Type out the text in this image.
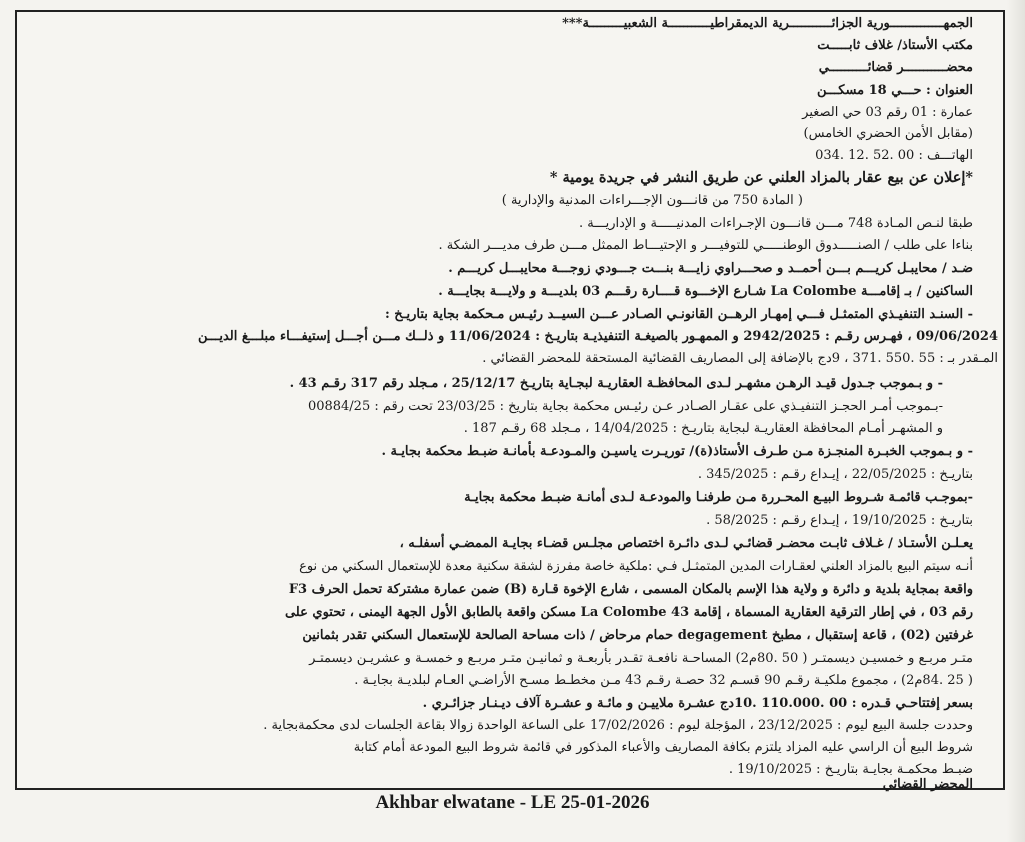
الجمهــــــــــــــورية الجزائـــــــــــرية الديمقراطيـــــــــــة الشعبيـــــــــة***
مكتب الأستاذ/ غلاف ثابـــــت
محضـــــــــــر قضائــــــــــي
العنوان : حـــي 18 مسكـــن
عمارة : 01 رقم 03 حي الصغير
(مقابل الأمن الحضري الخامس)
الهاتـــف : 00 .52 .12 .034
*إعلان عن بيع عقار بالمزاد العلني عن طريق النشر في جريدة يومية *
( المادة 750 من قانـــون الإجـــراءات المدنية والإدارية )
طبقا لنـص المـادة 748 مـــن قانـــون الإجـراءات المدنيـــــة و الإداريـــة .
بناءا على طلب / الصنـــــدوق الوطنـــــي للتوفيـــر و الإحتيـــاط الممثل مـــن طرف مديـــر الشكة .
ضـد / محايبـل كريـــم بـــن أحمــد و صحـــراوي زايـــة بنـــت جـــودي زوجـــة محايبـــل كريـــم .
الساكنين / بـ إقامـــة La Colombe شـارع الإخـــوة قــــارة رقـــم 03 بلديـــة و ولايـــة بجايـــة .
- السنـد التنفيـذي المتمثـل فـــي إمهـار الرهــن القانونـي الصـادر عـــن السيــد رئيـس مـحكمة بجاية بتاريـخ :
09/06/2024 ، فهـرس رقـم : 2942/2025 و الممهـور بالصيغـة التنفيذيـة بتاريـخ : 11/06/2024 و ذلــك مـــن أجـــل إستيفـــاء مبلـــغ الديـــن
المـقدر بـ : 55 .550 .371 ، 9دج بالإضافة إلى المصاريف القضائية المستحقة للمحضر القضائي .
- و بـموجب جـدول قيـد الرهـن مشهـر لـدى المحافظـة العقاريـة لبجـاية بتاريـخ 25/12/17 ، مـجلد رقم 317 رقـم 43 .
-بـموجب أمـر الحجـز التنفيـذي على عقـار الصـادر عـن رئيـس محكمة بجاية بتاريخ : 23/03/25 تحت رقم : 00884/25
و المشهـر أمـام المحافظة العقاريـة لبجاية بتاريـخ : 14/04/2025 ، مـجلد 68 رقـم 187 .
- و بـموجب الخبـرة المنجـزة مـن طـرف الأستاذ(ة)/ توريـرت ياسيـن والمـودعـة بأمانـة ضبـط محكمة بجايـة .
بتاريـخ : 22/05/2025 ، إيـداع رقـم : 345/2025 .
-بموجـب قائمـة شـروط البيـع المحـررة مـن طرفنـا والمودعـة لـدى أمانـة ضبـط محكمة بجايـة
بتاريـخ : 19/10/2025 ، إيـداع رقـم : 58/2025 .
يعـلـن الأستـاذ / غـلاف ثابـت محضـر قضائـي لـدى دائـرة اختصاص مجلـس قضـاء بجايـة الممضـي أسفلـه ،
أنـه سيتم البيع بالمزاد العلني لعقـارات المدين المتمثـل فـي :ملكية خاصة مفرزة لشقة سكنية معدة للإستعمال السكني من نوع
F3 ضمن عمارة مشتركة تحمل الحرف (B) واقعة بمجاية بلدية و دائرة و ولاية هذا الإسم بالمكان المسمى ، شارع الإخوة قـارة
رقم 03 ، في إطار الترقية العقارية المسماة ، إقامة 43 La Colombe مسكن واقعة بالطابق الأول الجهة اليمنى ، تحتوي على
غرفتين (02) ، قاعة إستقبال ، مطبخ degagement حمام مرحاض / ذات مساحة الصالحة للإستعمال السكني تقدر بثمانين
متـر مربـع و خمسيـن ديسمتـر ( 50 .80م2) المساحـة نافعـة تقـدر بأربعـة و ثمانيـن متـر مربـع و خمسـة و عشريـن ديسمتـر
( 25 .84م2) ، مجموع ملكيـة رقـم 90 قسـم 32 حصـة رقـم 43 مـن مخطـط مسـح الأراضـي العـام لبلديـة بجايـة .
بسعر إفتتاحـي قـدره : 00 .110.000 .10دج عشـرة ملاييـن و مائـة و عشـرة آلاف ديـنـار جزائـري .
وحددت جلسة البيع ليوم : 23/12/2025 ، المؤجلة ليوم : 17/02/2026 على الساعة الواحدة زوالا بقاعة الجلسات لدى محكمةبجاية .
شروط البيع أن الراسي عليه المزاد يلتزم بكافة المصاريف والأعباء المذكور في قائمة شروط البيع المودعة أمام كتابة
ضبـط محكمـة بجايـة بتاريـخ : 19/10/2025 .
المحضر القضائي
Akhbar elwatane - LE 25-01-2026
